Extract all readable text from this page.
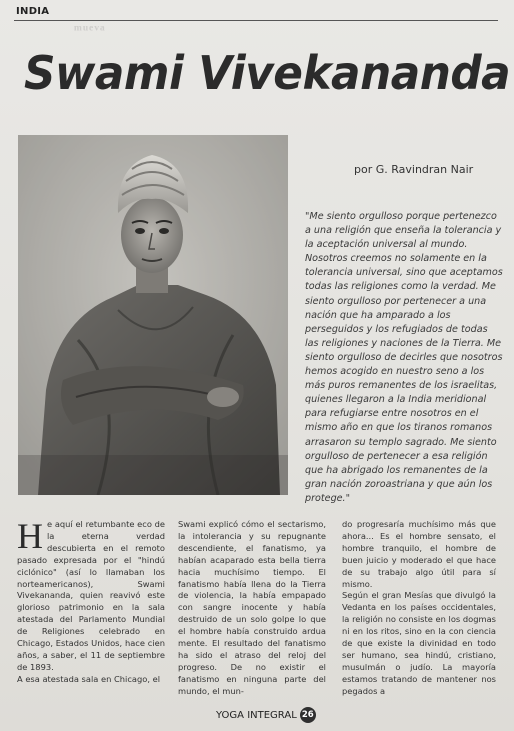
ᵐᵘᵉᵛᵃ
INDIA
Swami Vivekananda
por G. Ravindran Nair

"Me siento orgulloso porque pertenezco a una religión que enseña la tolerancia y la aceptación universal al mundo. Nosotros creemos no solamente en la tolerancia universal, sino que aceptamos todas las religiones como la verdad. Me siento orgulloso por pertenecer a una nación que ha amparado a los perseguidos y los refugiados de todas las religiones y naciones de la Tierra. Me siento orgulloso de decirles que nosotros hemos acogido en nuestro seno a los más puros remanentes de los israelitas, quienes llegaron a la India meridional para refugiarse entre nosotros en el mismo año en que los tiranos romanos arrasaron su templo sagrado. Me siento orgulloso de pertenecer a esa religión que ha abrigado los remanentes de la gran nación zoroastriana y que aún los protege."

He aquí el retumbante eco de la eterna verdad descubierta en el remoto pasado expresada por el "hindú ciclónico" (así lo llamaban los norteamericanos), Swami Vivekananda, quien reavivó este glorioso patrimonio en la sala atestada del Parlamento Mundial de Religiones celebrado en Chicago, Estados Unidos, hace cien años, a saber, el 11 de septiembre de 1893.

A esa atestada sala en Chicago, el

Swami explicó cómo el sectarismo, la intolerancia y su repugnante descendiente, el fanatismo, ya habían acaparado esta bella tierra hacia muchísimo tiempo. El fanatismo había llena do la Tierra de violencia, la había empapado con sangre inocente y había destruido de un solo golpe lo que el hombre había construido ardua mente. El resultado del fanatismo ha sido el atraso del reloj del progreso. De no existir el fanatismo en ninguna parte del mundo, el mun-

do progresaría muchísimo más que ahora... Es el hombre sensato, el hombre tranquilo, el hombre de buen juicio y moderado el que hace de su trabajo algo útil para sí mismo.

Según el gran Mesías que divulgó la Vedanta en los países occidentales, la religión no consiste en los dogmas ni en los ritos, sino en la con ciencia de que existe la divinidad en todo ser humano, sea hindú, cristiano, musulmán o judío. La mayoría estamos tratando de mantener nos pegados a

YOGA INTEGRAL 26
